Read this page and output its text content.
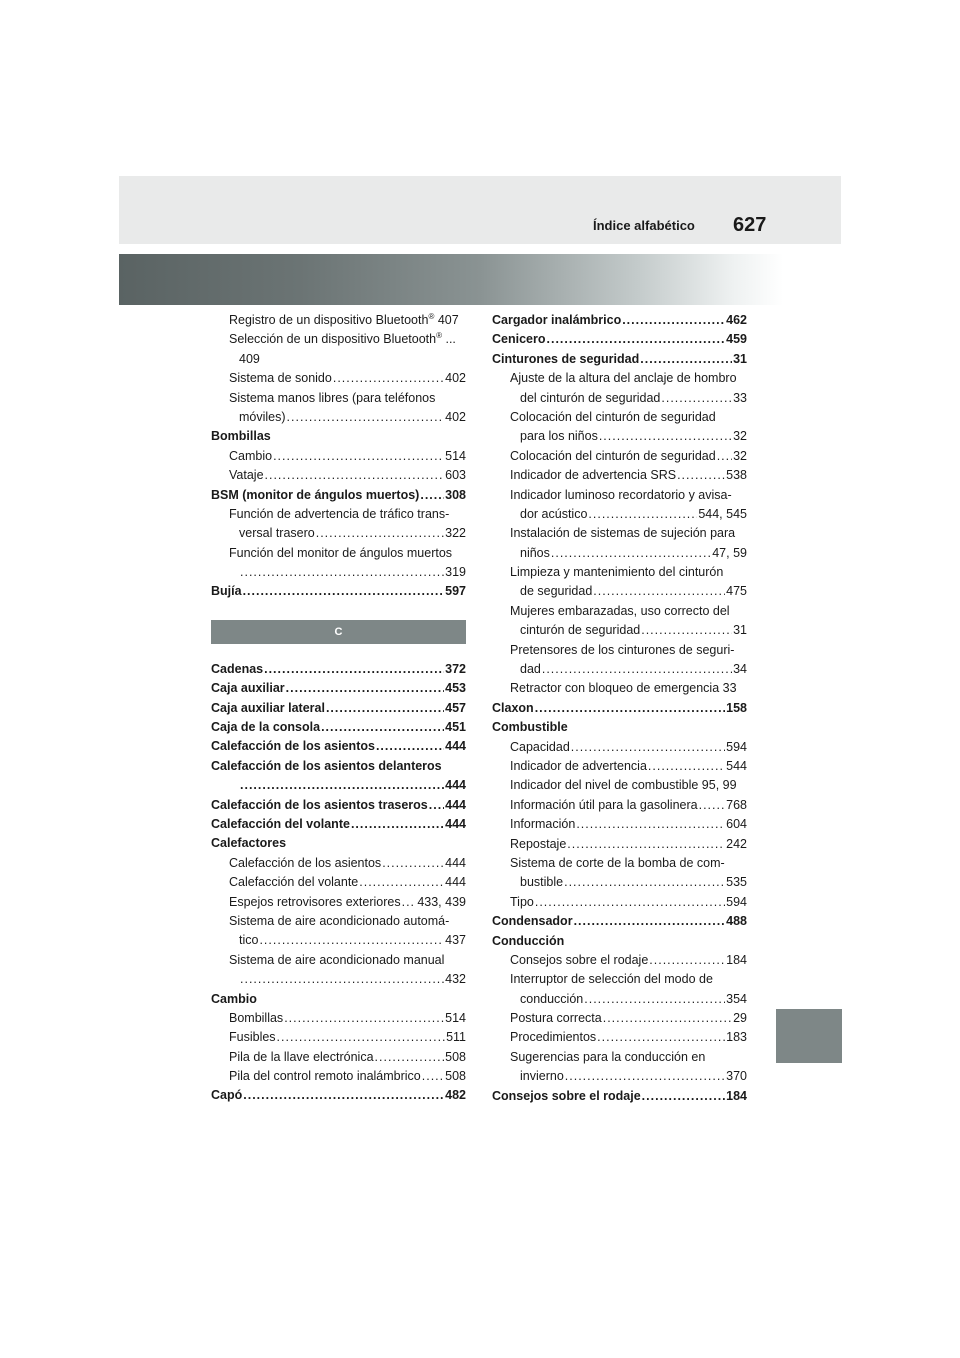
Índice alfabético 627
Registro de un dispositivo Bluetooth® 407
Selección de un dispositivo Bluetooth® ...
409
Sistema de sonido .....	402
Sistema manos libres (para teléfonos
móviles) .....	402
Bombillas
Cambio .....	514
Vataje .....	603
BSM (monitor de ángulos muertos) ..... 308
Función de advertencia de tráfico trans-
versal trasero .....	322
Función del monitor de ángulos muertos
.....
319
Bujía .....	597
C
Cadenas .....	372
Caja auxiliar .....	453
Caja auxiliar lateral .....	457
Caja de la consola .....	451
Calefacción de los asientos .....	444
Calefacción de los asientos delanteros
.....
444
Calefacción de los asientos traseros ..... 444
Calefacción del volante .....	444
Calefactores
Calefacción de los asientos .....	444
Calefacción del volante .....	444
Espejos retrovisores exteriores ..... 433, 439
Sistema de aire acondicionado automá-
tico .....	437
Sistema de aire acondicionado manual
.....
432
Cambio
Bombillas .....	514
Fusibles .....	511
Pila de la llave electrónica .....	508
Pila del control remoto inalámbrico ..... 508
Capó .....	482
Cargador inalámbrico .....	462
Cenicero .....	459
Cinturones de seguridad .....	31
Ajuste de la altura del anclaje de hombro
del cinturón de seguridad .....	33
Colocación del cinturón de seguridad
para los niños .....	32
Colocación del cinturón de seguridad ..... 32
Indicador de advertencia SRS .....	538
Indicador luminoso recordatorio y avisa-
dor acústico .....	544, 545
Instalación de sistemas de sujeción para
niños .....	47, 59
Limpieza y mantenimiento del cinturón
de seguridad .....	475
Mujeres embarazadas, uso correcto del
cinturón de seguridad .....	31
Pretensores de los cinturones de seguri-
dad .....	34
Retractor con bloqueo de emergencia 33
Claxon .....	158
Combustible
Capacidad .....	594
Indicador de advertencia .....	544
Indicador del nivel de combustible 95, 99
Información útil para la gasolinera ..... 768
Información .....	604
Repostaje .....	242
Sistema de corte de la bomba de com-
bustible .....	535
Tipo .....	594
Condensador .....	488
Conducción
Consejos sobre el rodaje .....	184
Interruptor de selección del modo de
conducción .....	354
Postura correcta .....	29
Procedimientos .....	183
Sugerencias para la conducción en
invierno .....	370
Consejos sobre el rodaje .....	184
